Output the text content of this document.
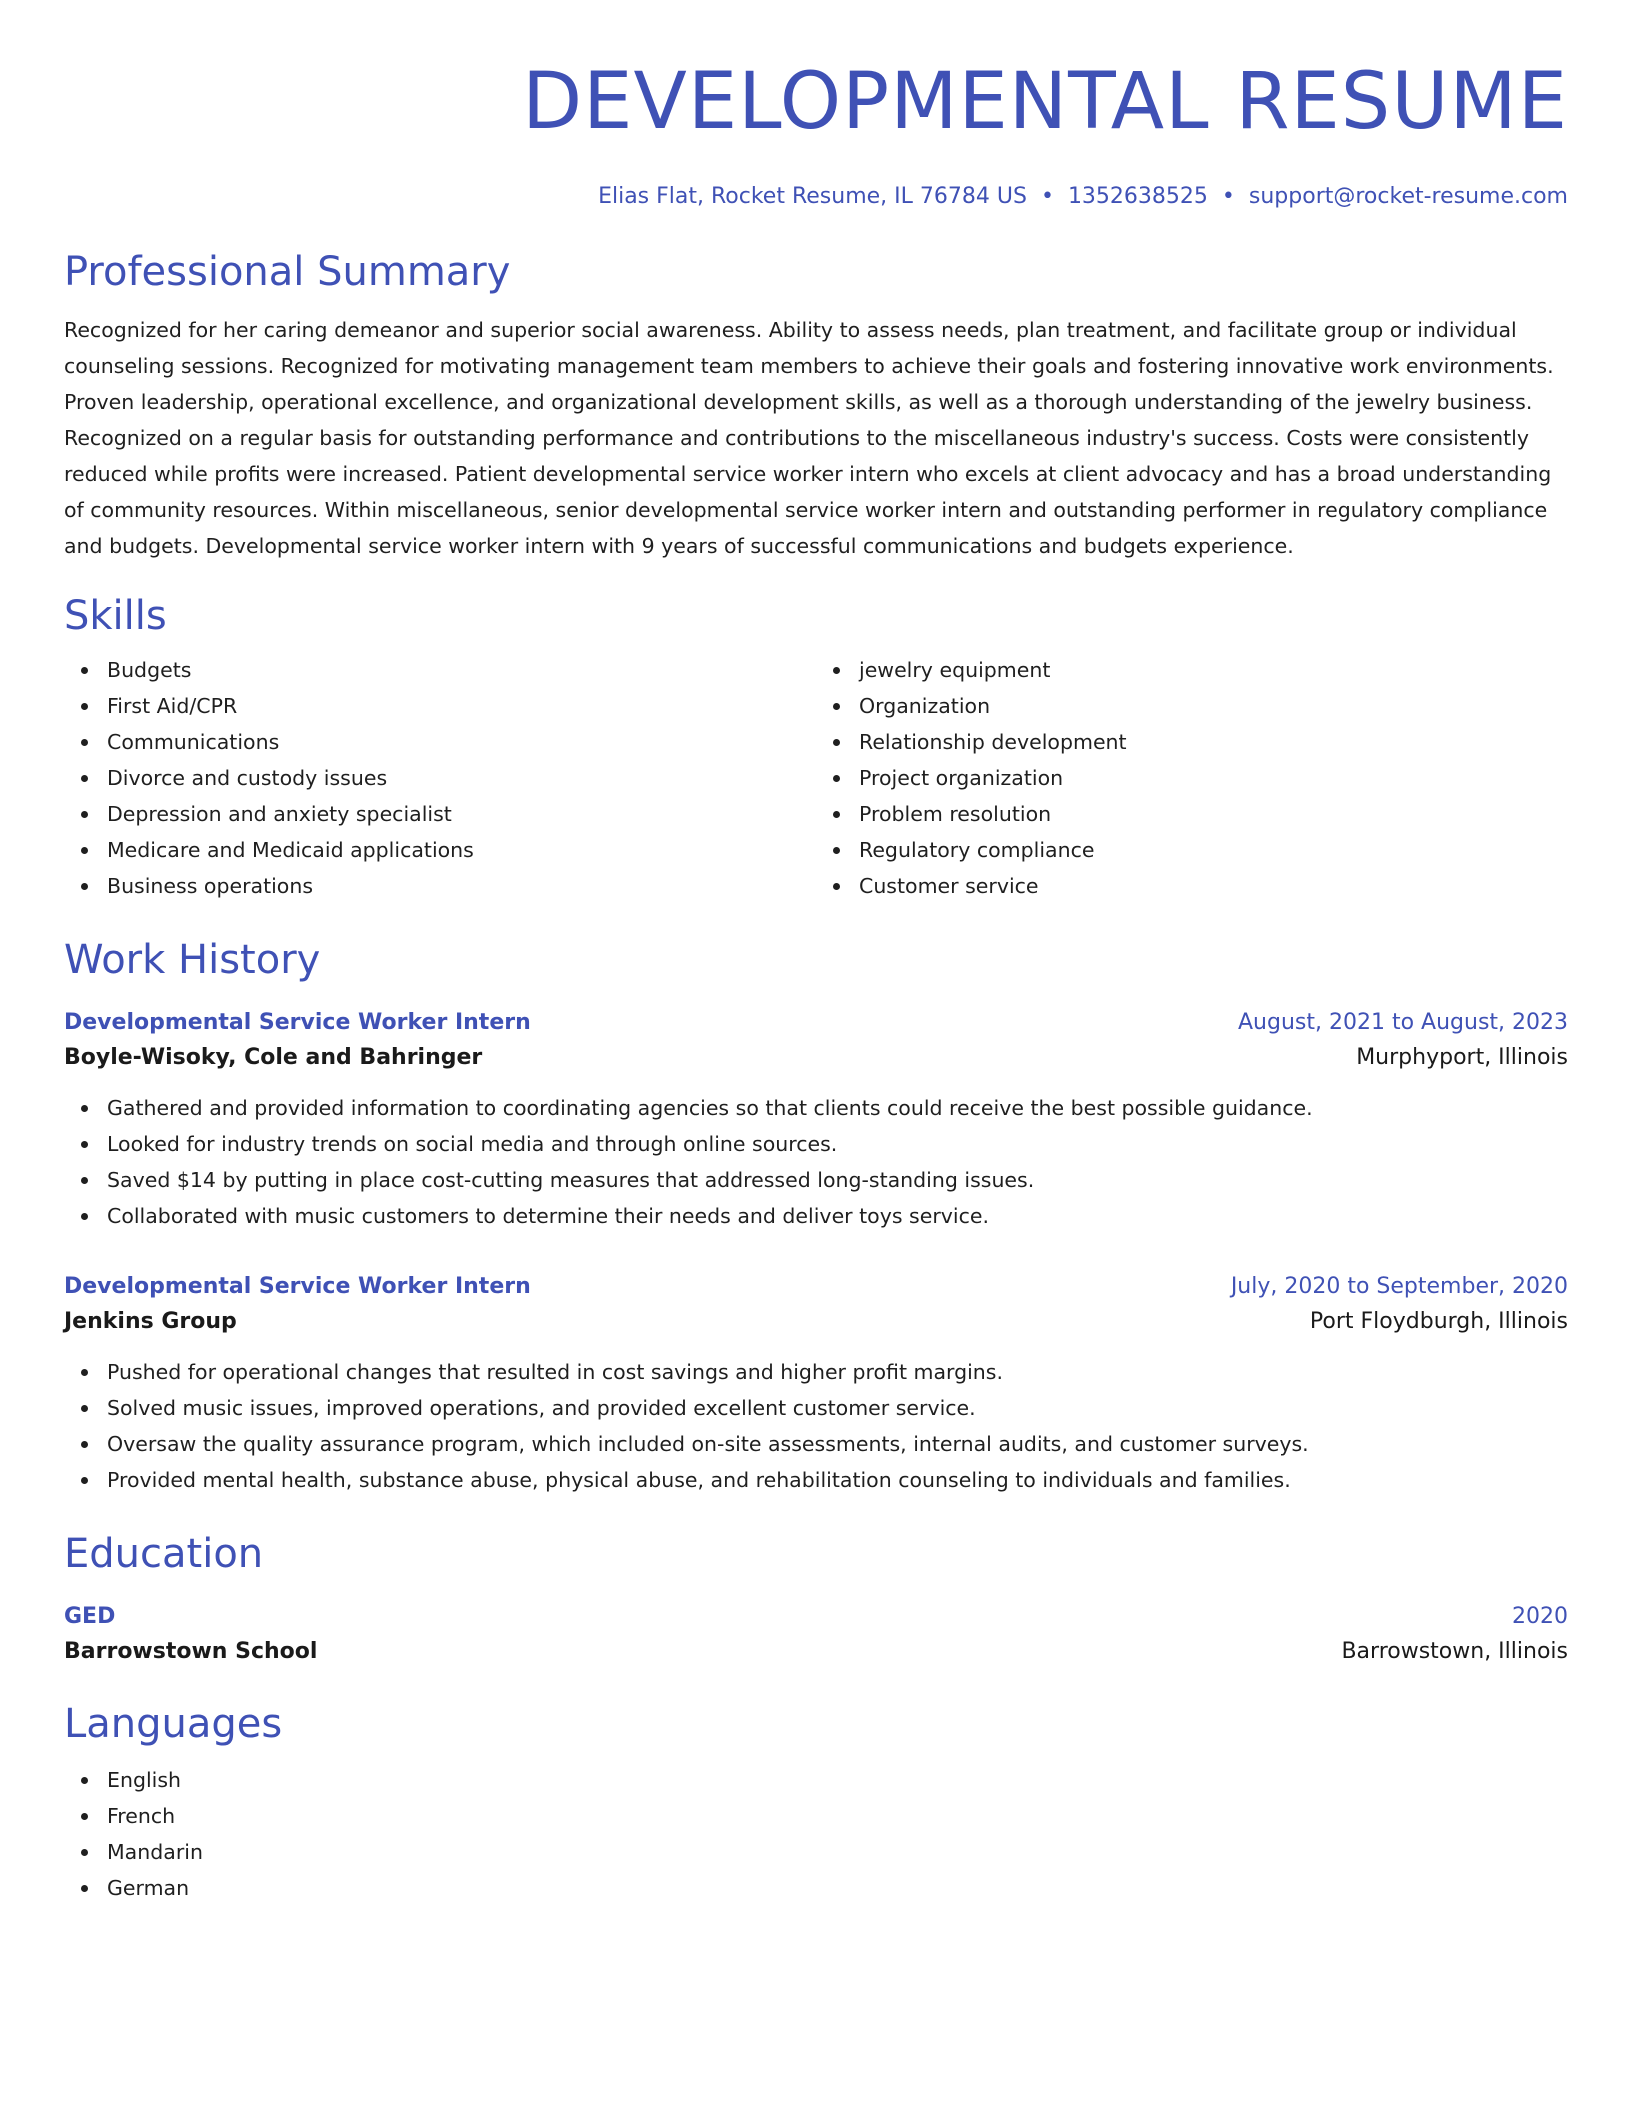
DEVELOPMENTAL RESUME
Elias Flat, Rocket Resume, IL 76784 US • 1352638525 • support@rocket-resume.com
Professional Summary
Recognized for her caring demeanor and superior social awareness. Ability to assess needs, plan treatment, and facilitate group or individual counseling sessions. Recognized for motivating management team members to achieve their goals and fostering innovative work environments. Proven leadership, operational excellence, and organizational development skills, as well as a thorough understanding of the jewelry business. Recognized on a regular basis for outstanding performance and contributions to the miscellaneous industry's success. Costs were consistently reduced while profits were increased. Patient developmental service worker intern who excels at client advocacy and has a broad understanding of community resources. Within miscellaneous, senior developmental service worker intern and outstanding performer in regulatory compliance and budgets. Developmental service worker intern with 9 years of successful communications and budgets experience.
Skills
Budgets
First Aid/CPR
Communications
Divorce and custody issues
Depression and anxiety specialist
Medicare and Medicaid applications
Business operations
jewelry equipment
Organization
Relationship development
Project organization
Problem resolution
Regulatory compliance
Customer service
Work History
Developmental Service Worker Intern	August, 2021 to August, 2023
Boyle-Wisoky, Cole and Bahringer	Murphyport, Illinois
Gathered and provided information to coordinating agencies so that clients could receive the best possible guidance.
Looked for industry trends on social media and through online sources.
Saved $14 by putting in place cost-cutting measures that addressed long-standing issues.
Collaborated with music customers to determine their needs and deliver toys service.
Developmental Service Worker Intern	July, 2020 to September, 2020
Jenkins Group	Port Floydburgh, Illinois
Pushed for operational changes that resulted in cost savings and higher profit margins.
Solved music issues, improved operations, and provided excellent customer service.
Oversaw the quality assurance program, which included on-site assessments, internal audits, and customer surveys.
Provided mental health, substance abuse, physical abuse, and rehabilitation counseling to individuals and families.
Education
GED	2020
Barrowstown School	Barrowstown, Illinois
Languages
English
French
Mandarin
German
